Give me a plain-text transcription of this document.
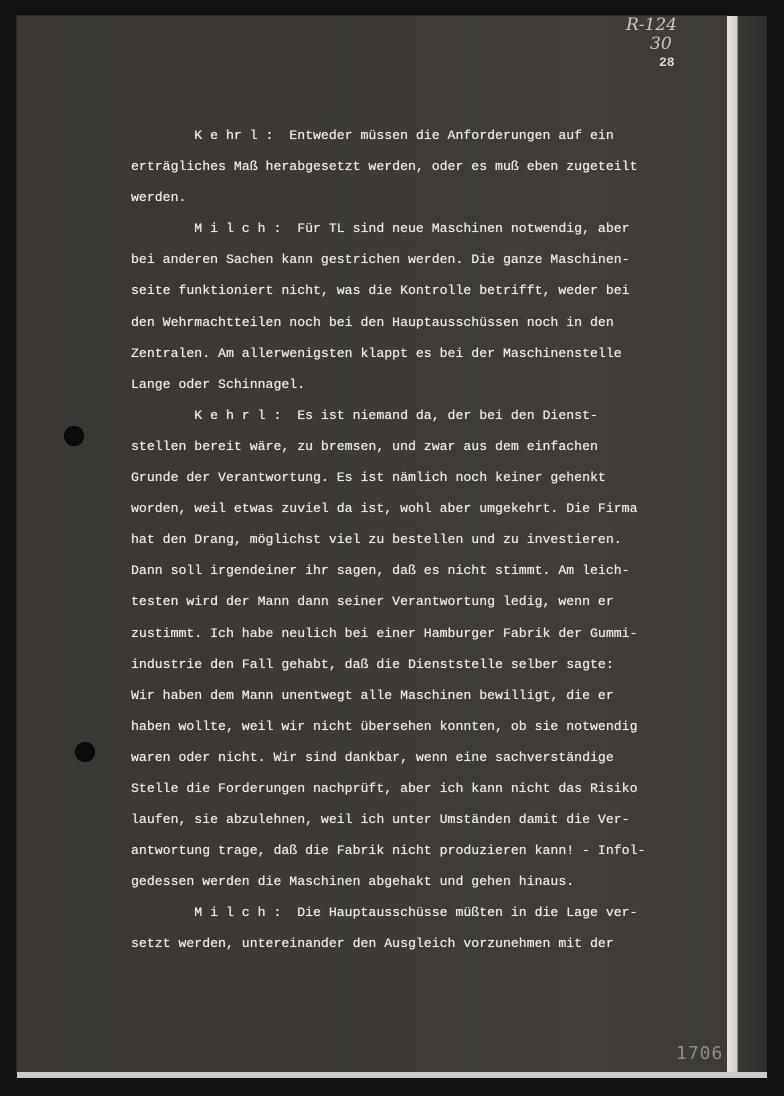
R-124
30
28
K e hr l :  Entweder müssen die Anforderungen auf ein
erträgliches Maß herabgesetzt werden, oder es muß eben zugeteilt
werden.
M i l c h :  Für TL sind neue Maschinen notwendig, aber
bei anderen Sachen kann gestrichen werden. Die ganze Maschinen-
seite funktioniert nicht, was die Kontrolle betrifft, weder bei
den Wehrmachtteilen noch bei den Hauptausschüssen noch in den
Zentralen. Am allerwenigsten klappt es bei der Maschinenstelle
Lange oder Schinnagel.
K e h r l :  Es ist niemand da, der bei den Dienst-
stellen bereit wäre, zu bremsen, und zwar aus dem einfachen
Grunde der Verantwortung. Es ist nämlich noch keiner gehenkt
worden, weil etwas zuviel da ist, wohl aber umgekehrt. Die Firma
hat den Drang, möglichst viel zu bestellen und zu investieren.
Dann soll irgendeiner ihr sagen, daß es nicht stimmt. Am leich-
testen wird der Mann dann seiner Verantwortung ledig, wenn er
zustimmt. Ich habe neulich bei einer Hamburger Fabrik der Gummi-
industrie den Fall gehabt, daß die Dienststelle selber sagte:
Wir haben dem Mann unentwegt alle Maschinen bewilligt, die er
haben wollte, weil wir nicht übersehen konnten, ob sie notwendig
waren oder nicht. Wir sind dankbar, wenn eine sachverständige
Stelle die Forderungen nachprüft, aber ich kann nicht das Risiko
laufen, sie abzulehnen, weil ich unter Umständen damit die Ver-
antwortung trage, daß die Fabrik nicht produzieren kann! - Infol-
gedessen werden die Maschinen abgehakt und gehen hinaus.
M i l c h :  Die Hauptausschüsse müßten in die Lage ver-
setzt werden, untereinander den Ausgleich vorzunehmen mit der
1706
